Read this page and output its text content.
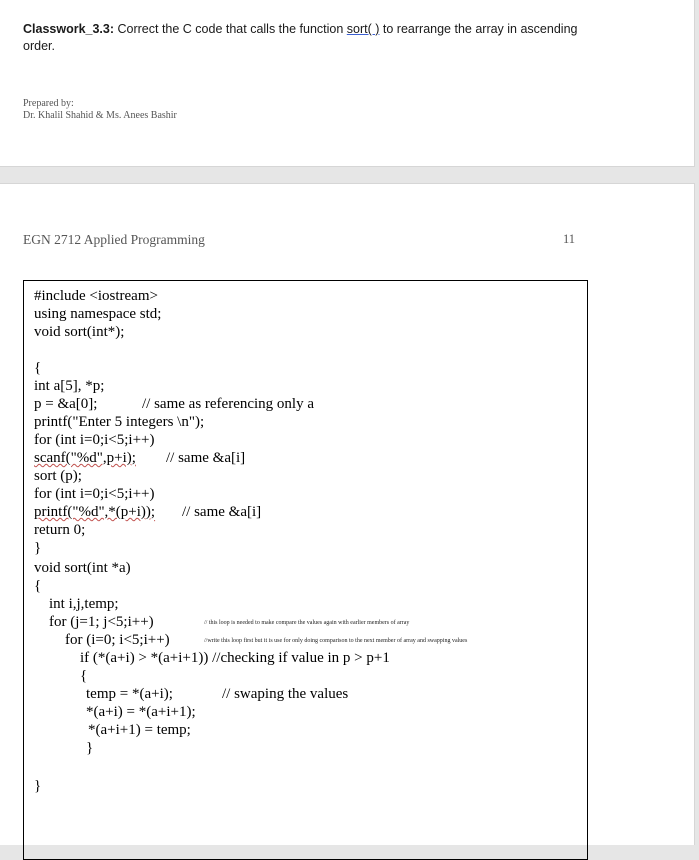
Classwork_3.3: Correct the C code that calls the function sort( ) to rearrange the array in ascending order.
Prepared by:
Dr. Khalil Shahid & Ms. Anees Bashir
EGN 2712 Applied Programming	11
#include <iostream>
using namespace std;
void sort(int*);
{
int a[5], *p;
p = &a[0];	// same as referencing only a
printf("Enter 5 integers \n");
for (int i=0;i<5;i++)
scanf("%d",p+i); // same &a[i]
sort (p);
for (int i=0;i<5;i++)
printf("%d",*(p+i)); // same &a[i]
return 0;
}
void sort(int *a)
{
int i,j,temp;
for (j=1; j<5;i++)	// this loop is needed to make compare the values again with earlier members of array
for (i=0; i<5;i++)	//write this loop first but it is use for only doing comparison to the next member of array and swapping values
if (*(a+i) > *(a+i+1)) //checking if value in p > p+1
{
temp = *(a+i);	// swaping the values
*(a+i) = *(a+i+1);
*(a+i+1) = temp;
}
}
